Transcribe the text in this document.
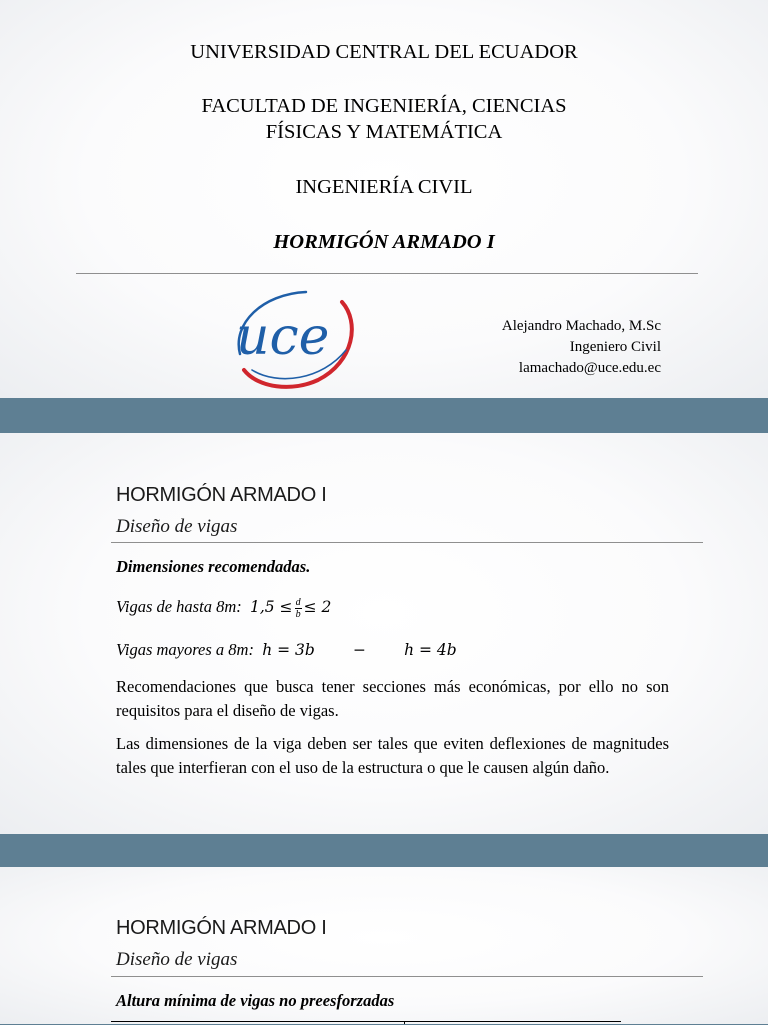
UNIVERSIDAD CENTRAL DEL ECUADOR
FACULTAD DE INGENIERÍA, CIENCIAS
FÍSICAS Y MATEMÁTICA
INGENIERÍA CIVIL
HORMIGÓN ARMADO I
uce	Alejandro Machado, M.Sc
Ingeniero Civil
lamachado@uce.edu.ec
HORMIGÓN ARMADO I
Diseño de vigas
Dimensiones recomendadas.
Vigas de hasta 8m: $1,5 \le \frac{d}{b} \le 2$
Vigas mayores a 8m: h = 3b − h = 4b
Recomendaciones que busca tener secciones más económicas, por ello no son requisitos para el diseño de vigas.
Las dimensiones de la viga deben ser tales que eviten deflexiones de magnitudes tales que interfieran con el uso de la estructura o que le causen algún daño.
HORMIGÓN ARMADO I
Diseño de vigas
Altura mínima de vigas no preesforzadas
